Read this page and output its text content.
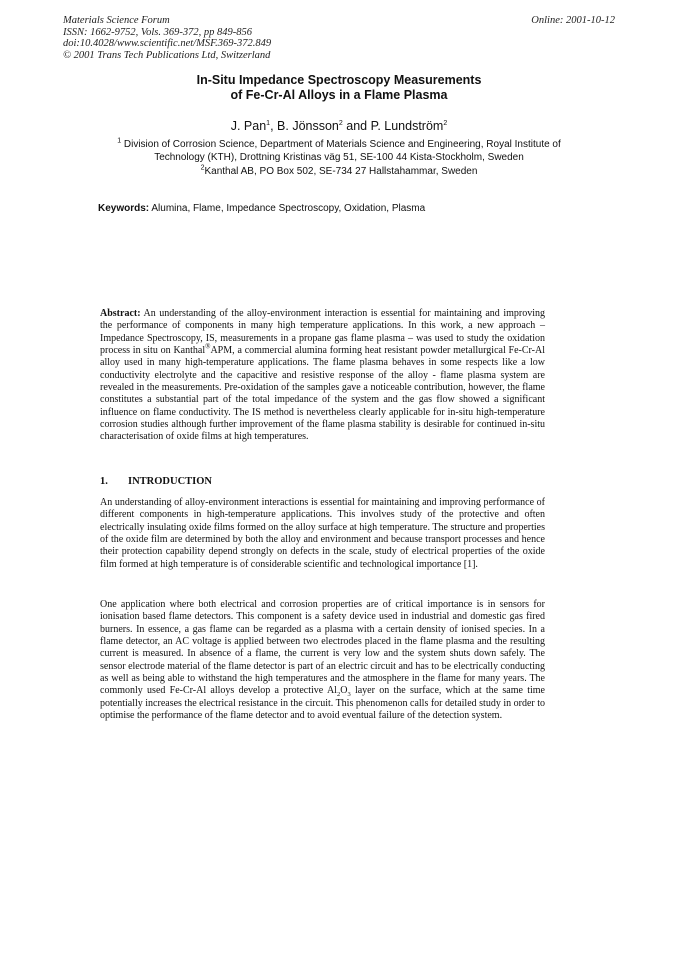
Materials Science Forum
ISSN: 1662-9752, Vols. 369-372, pp 849-856
doi:10.4028/www.scientific.net/MSF.369-372.849
© 2001 Trans Tech Publications Ltd, Switzerland
Online: 2001-10-12
In-Situ Impedance Spectroscopy Measurements
of Fe-Cr-Al Alloys in a Flame Plasma
J. Pan$^1$, B. Jönsson$^2$ and P. Lundström$^2$
$^1$ Division of Corrosion Science, Department of Materials Science and Engineering, Royal Institute of Technology (KTH), Drottning Kristinas väg 51, SE-100 44 Kista-Stockholm, Sweden
$^2$Kanthal AB, PO Box 502, SE-734 27 Hallstahammar, Sweden
Keywords: Alumina, Flame, Impedance Spectroscopy, Oxidation, Plasma
Abstract: An understanding of the alloy-environment interaction is essential for maintaining and improving the performance of components in many high temperature applications. In this work, a new approach – Impedance Spectroscopy, IS, measurements in a propane gas flame plasma – was used to study the oxidation process in situ on Kanthal®APM, a commercial alumina forming heat resistant powder metallurgical Fe-Cr-Al alloy used in many high-temperature applications. The flame plasma behaves in some respects like a low conductivity electrolyte and the capacitive and resistive response of the alloy - flame plasma system are revealed in the measurements. Pre-oxidation of the samples gave a noticeable contribution, however, the flame constitutes a substantial part of the total impedance of the system and the gas flow showed a significant influence on flame conductivity. The IS method is nevertheless clearly applicable for in-situ high-temperature corrosion studies although further improvement of the flame plasma stability is desirable for continued in-situ characterisation of oxide films at high temperatures.
1. INTRODUCTION
An understanding of alloy-environment interactions is essential for maintaining and improving performance of different components in high-temperature applications. This involves study of the protective and often electrically insulating oxide films formed on the alloy surface at high temperature. The structure and properties of the oxide film are determined by both the alloy and environment and because transport processes and hence their protection capability depend strongly on defects in the scale, study of electrical properties of the oxide film formed at high temperature is of considerable scientific and technological importance [1].
One application where both electrical and corrosion properties are of critical importance is in sensors for ionisation based flame detectors. This component is a safety device used in industrial and domestic gas fired burners. In essence, a gas flame can be regarded as a plasma with a certain density of ionised species. In a flame detector, an AC voltage is applied between two electrodes placed in the flame plasma and the resulting current is measured. In absence of a flame, the current is very low and the system shuts down safely. The sensor electrode material of the flame detector is part of an electric circuit and has to be electrically conducting as well as being able to withstand the high temperatures and the atmosphere in the flame for many years. The commonly used Fe-Cr-Al alloys develop a protective $Al_2O_3$ layer on the surface, which at the same time potentially increases the electrical resistance in the circuit. This phenomenon calls for detailed study in order to optimise the performance of the flame detector and to avoid eventual failure of the detection system.
